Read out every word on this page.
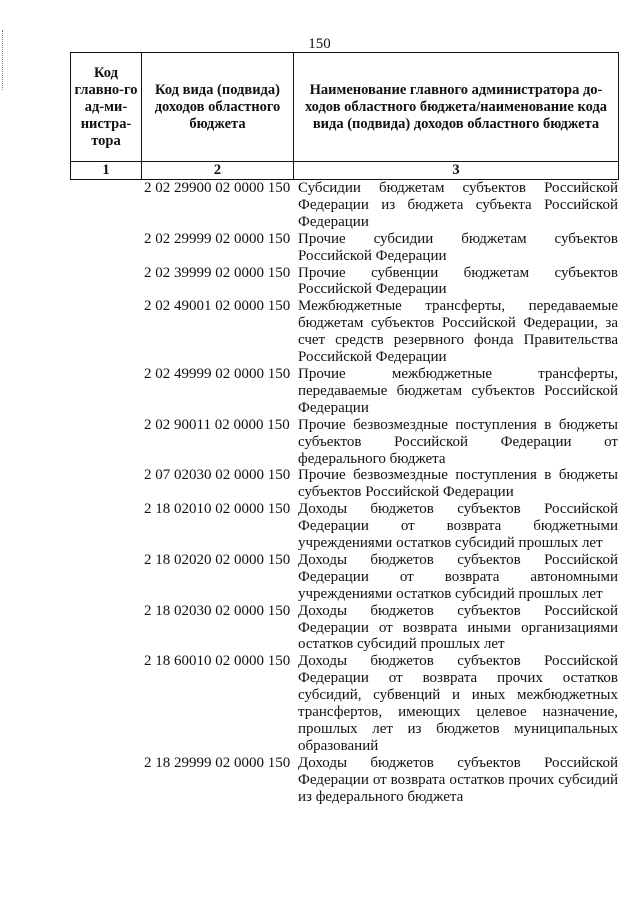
150
Код главно-го ад-ми-нистра-тора	Код вида (подвида) доходов областного бюджета	Наименование главного администратора до-ходов областного бюджета/наименование кода вида (подвида) доходов областного бюджета
1	2	3
2 02 29900 02 0000 150 Субсидии бюджетам субъектов Российской Федерации из бюджета субъекта Российской Федерации
2 02 29999 02 0000 150 Прочие субсидии бюджетам субъектов Российской Федерации
2 02 39999 02 0000 150 Прочие субвенции бюджетам субъектов Российской Федерации
2 02 49001 02 0000 150 Межбюджетные трансферты, передаваемые бюджетам субъектов Российской Федерации, за счет средств резервного фонда Правительства Российской Федерации
2 02 49999 02 0000 150 Прочие межбюджетные трансферты, передаваемые бюджетам субъектов Российской Федерации
2 02 90011 02 0000 150 Прочие безвозмездные поступления в бюджеты субъектов Российской Федерации от федерального бюджета
2 07 02030 02 0000 150 Прочие безвозмездные поступления в бюджеты субъектов Российской Федерации
2 18 02010 02 0000 150 Доходы бюджетов субъектов Российской Федерации от возврата бюджетными учреждениями остатков субсидий прошлых лет
2 18 02020 02 0000 150 Доходы бюджетов субъектов Российской Федерации от возврата автономными учреждениями остатков субсидий прошлых лет
2 18 02030 02 0000 150 Доходы бюджетов субъектов Российской Федерации от возврата иными организациями остатков субсидий прошлых лет
2 18 60010 02 0000 150 Доходы бюджетов субъектов Российской Федерации от возврата прочих остатков субсидий, субвенций и иных межбюджетных трансфертов, имеющих целевое назначение, прошлых лет из бюджетов муниципальных образований
2 18 29999 02 0000 150 Доходы бюджетов субъектов Российской Федерации от возврата остатков прочих субсидий из федерального бюджета
